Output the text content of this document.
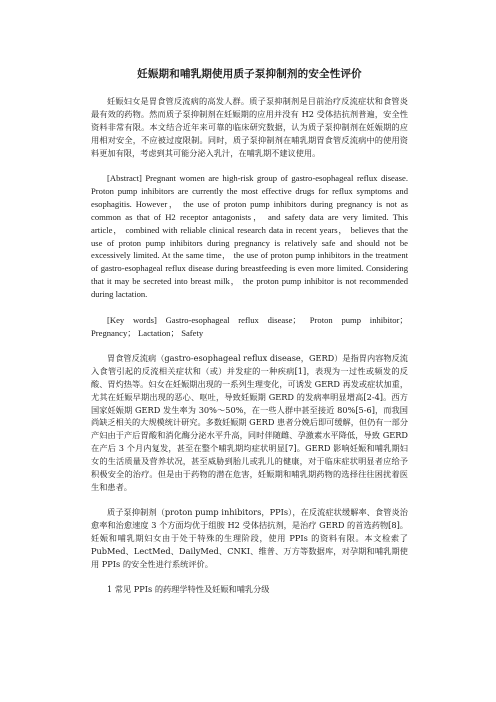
妊娠期和哺乳期使用质子泵抑制剂的安全性评价

妊娠妇女是胃食管反流病的高发人群。质子泵抑制剂是目前治疗反流症状和食管炎最有效的药物。然而质子泵抑制剂在妊娠期的应用并没有 H2 受体拮抗剂普遍，安全性资料非常有限。本文结合近年来可靠的临床研究数据，认为质子泵抑制剂在妊娠期的应用相对安全，不应被过度限制。同时，质子泵抑制剂在哺乳期胃食管反流病中的使用资料更加有限，考虑到其可能分泌入乳汁，在哺乳期不建议使用。

[Abstract] Pregnant women are high-risk group of gastro-esophageal reflux disease. Proton pump inhibitors are currently the most effective drugs for reflux symptoms and esophagitis. However， the use of proton pump inhibitors during pregnancy is not as common as that of H2 receptor antagonists， and safety data are very limited. This article， combined with reliable clinical research data in recent years， believes that the use of proton pump inhibitors during pregnancy is relatively safe and should not be excessively limited. At the same time， the use of proton pump inhibitors in the treatment of gastro-esophageal reflux disease during breastfeeding is even more limited. Considering that it may be secreted into breast milk， the proton pump inhibitor is not recommended during lactation.

[Key words] Gastro-esophageal reflux disease； Proton pump inhibitor； Pregnancy； Lactation； Safety

胃食管反流病（gastro-esophageal reflux disease，GERD）是指胃内容物反流入食管引起的反流相关症状和（或）并发症的一种疾病[1]，表现为一过性或频发的反酸、胃灼热等。妇女在妊娠期出现的一系列生理变化，可诱发 GERD 再发或症状加重，尤其在妊娠早期出现的恶心、呕吐，导致妊娠期 GERD 的发病率明显增高[2-4]。西方国家妊娠期 GERD 发生率为 30%～50%，在一些人群中甚至接近 80%[5-6]，而我国尚缺乏相关的大规模统计研究。多数妊娠期 GERD 患者分娩后即可缓解，但仍有一部分产妇由于产后胃酸和消化酶分泌水平升高，同时伴随雌、孕激素水平降低，导致 GERD 在产后 3 个月内复发，甚至在整个哺乳期均症状明显[7]。GERD 影响妊娠和哺乳期妇女的生活质量及营养状况，甚至威胁到胎儿或乳儿的健康，对于临床症状明显者应给予积极安全的治疗。但是由于药物的潜在危害，妊娠期和哺乳期药物的选择往往困扰着医生和患者。

质子泵抑制剂（proton pump inhibitors，PPIs），在反流症状缓解率、食管炎治愈率和治愈速度 3 个方面均优于组胺 H2 受体拮抗剂，是治疗 GERD 的首选药物[8]。妊娠和哺乳期妇女由于处于特殊的生理阶段，使用 PPIs 的资料有限。本文检索了 PubMed、LectMed、DailyMed、CNKI、维普、万方等数据库，对孕期和哺乳期使用 PPIs 的安全性进行系统评价。

1 常见 PPIs 的药理学特性及妊娠和哺乳分级
